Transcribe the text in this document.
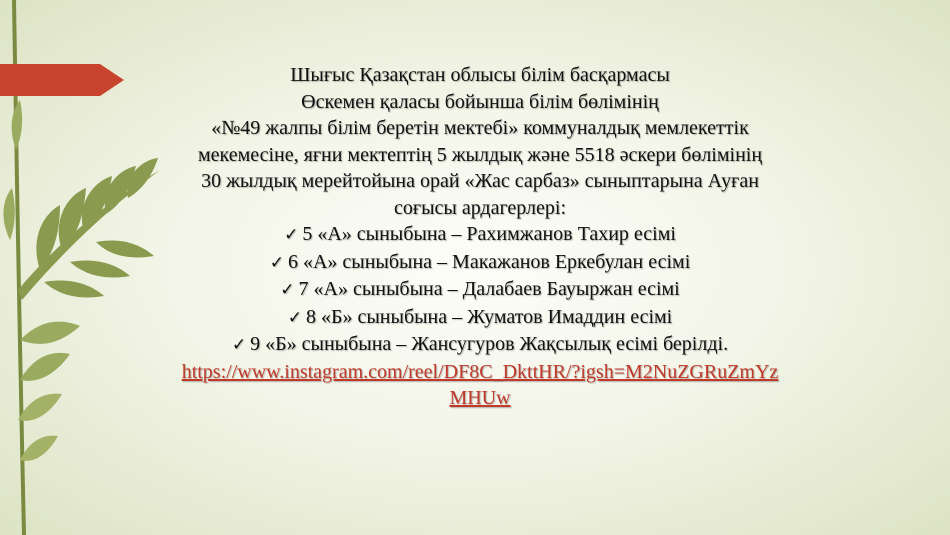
Шығыс Қазақстан облысы білім басқармасы
Өскемен қаласы бойынша білім бөлімінің
«№49 жалпы білім беретін мектебі» коммуналдық мемлекеттік
мекемесіне, яғни мектептің 5 жылдық және 5518 әскери бөлімінің
30 жылдық мерейтойына орай «Жас сарбаз» сыныптарына Ауған
соғысы ардагерлері:
✓ 5 «А» сыныбына – Рахимжанов Тахир есімі
✓ 6 «А» сыныбына – Макажанов Еркебулан есімі
✓ 7 «А» сыныбына – Далабаев Бауыржан есімі
✓ 8 «Б» сыныбына – Жуматов Имаддин есімі
✓ 9 «Б» сыныбына – Жансугуров Жақсылық есімі берілді.
https://www.instagram.com/reel/DF8C_DkttHR/?igsh=M2NuZGRuZmYz
MHUw
